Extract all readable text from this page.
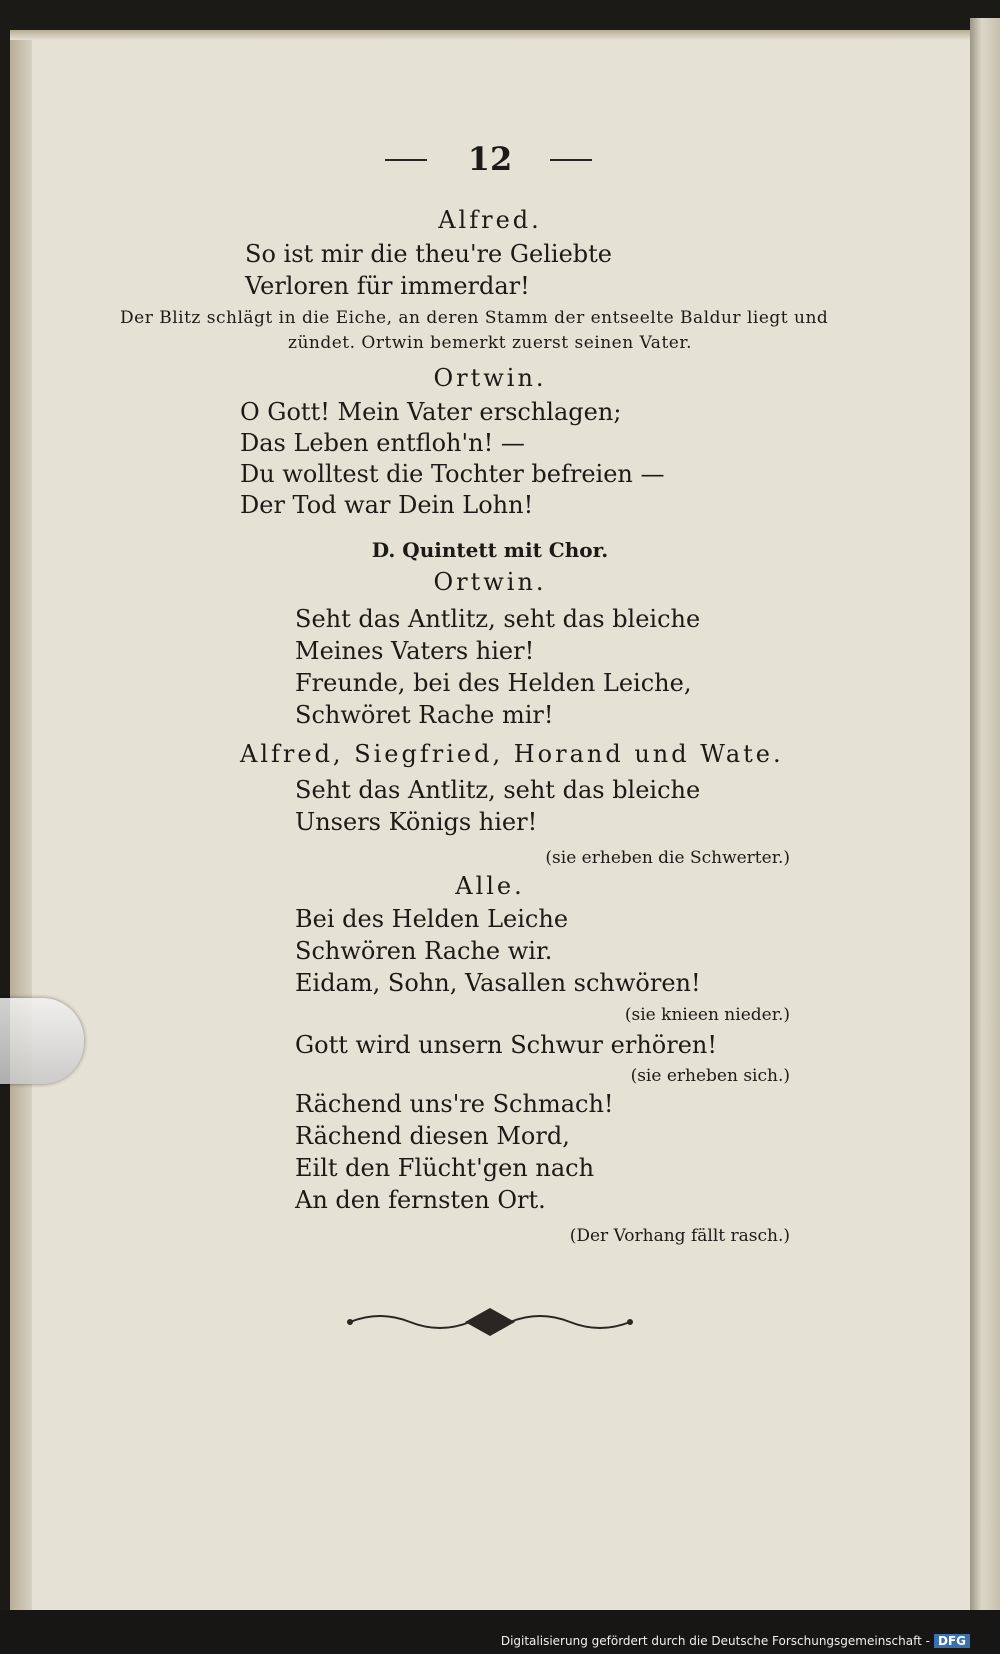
12
Alfred.
So ist mir die theu're Geliebte
Verloren für immerdar!
Der Blitz schlägt in die Eiche, an deren Stamm der entseelte Baldur liegt und
zündet. Ortwin bemerkt zuerst seinen Vater.
Ortwin.
O Gott! Mein Vater erschlagen;
Das Leben entfloh'n! —
Du wolltest die Tochter befreien —
Der Tod war Dein Lohn!
D. Quintett mit Chor.
Ortwin.
Seht das Antlitz, seht das bleiche
Meines Vaters hier!
Freunde, bei des Helden Leiche,
Schwöret Rache mir!
Alfred, Siegfried, Horand und Wate.
Seht das Antlitz, seht das bleiche
Unsers Königs hier!
(sie erheben die Schwerter.)
Alle.
Bei des Helden Leiche
Schwören Rache wir.
Eidam, Sohn, Vasallen schwören!
(sie knieen nieder.)
Gott wird unsern Schwur erhören!
(sie erheben sich.)
Rächend uns're Schmach!
Rächend diesen Mord,
Eilt den Flücht'gen nach
An den fernsten Ort.
(Der Vorhang fällt rasch.)
Digitalisierung gefördert durch die Deutsche Forschungsgemeinschaft - DFG
